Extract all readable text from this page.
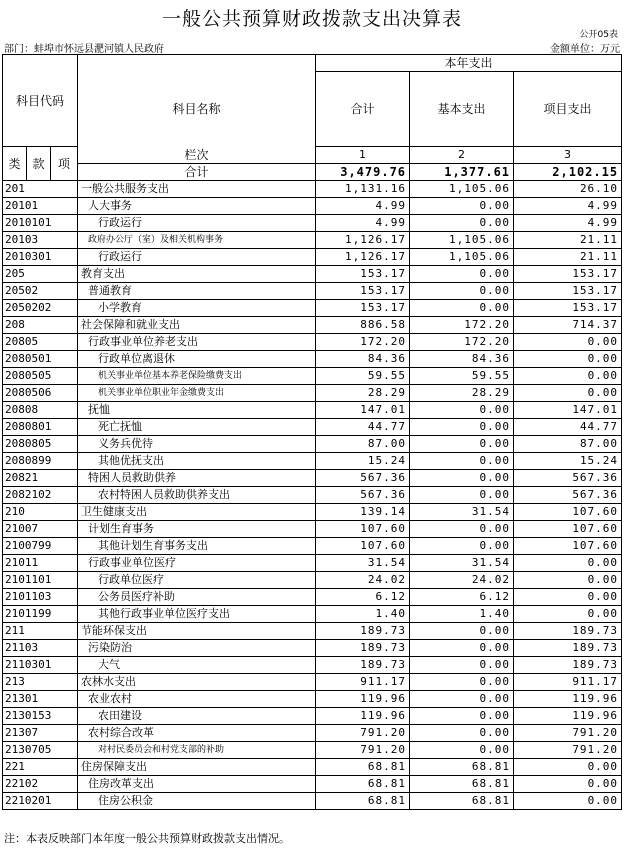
一般公共预算财政拨款支出决算表
公开05表
部门：蚌埠市怀远县淝河镇人民政府	金额单位：万元
科目代码			科目名称	本年支出		
				合计	基本支出	项目支出

类	款	项		1	2	3

			栏次
合计	3,479.76	1,377.61	2,102.15
201			一般公共服务支出	1,131.16	1,105.06	26.10
20101			人大事务	4.99	0.00	4.99
2010101			行政运行	4.99	0.00	4.99
20103			政府办公厅（室）及相关机构事务	1,126.17	1,105.06	21.11
2010301			行政运行	1,126.17	1,105.06	21.11
205			教育支出	153.17	0.00	153.17
20502			普通教育	153.17	0.00	153.17
2050202			小学教育	153.17	0.00	153.17
208			社会保障和就业支出	886.58	172.20	714.37
20805			行政事业单位养老支出	172.20	172.20	0.00
2080501			行政单位离退休	84.36	84.36	0.00
2080505			机关事业单位基本养老保险缴费支出	59.55	59.55	0.00
2080506			机关事业单位职业年金缴费支出	28.29	28.29	0.00
20808			抚恤	147.01	0.00	147.01
2080801			死亡抚恤	44.77	0.00	44.77
2080805			义务兵优待	87.00	0.00	87.00
2080899			其他优抚支出	15.24	0.00	15.24
20821			特困人员救助供养	567.36	0.00	567.36
2082102			农村特困人员救助供养支出	567.36	0.00	567.36
210			卫生健康支出	139.14	31.54	107.60
21007			计划生育事务	107.60	0.00	107.60
2100799			其他计划生育事务支出	107.60	0.00	107.60
21011			行政事业单位医疗	31.54	31.54	0.00
2101101			行政单位医疗	24.02	24.02	0.00
2101103			公务员医疗补助	6.12	6.12	0.00
2101199			其他行政事业单位医疗支出	1.40	1.40	0.00
211			节能环保支出	189.73	0.00	189.73
21103			污染防治	189.73	0.00	189.73
2110301			大气	189.73	0.00	189.73
213			农林水支出	911.17	0.00	911.17
21301			农业农村	119.96	0.00	119.96
2130153			农田建设	119.96	0.00	119.96
21307			农村综合改革	791.20	0.00	791.20
2130705			对村民委员会和村党支部的补助	791.20	0.00	791.20
221			住房保障支出	68.81	68.81	0.00
22102			住房改革支出	68.81	68.81	0.00
2210201			住房公积金	68.81	68.81	0.00
注：本表反映部门本年度一般公共预算财政拨款支出情况。
